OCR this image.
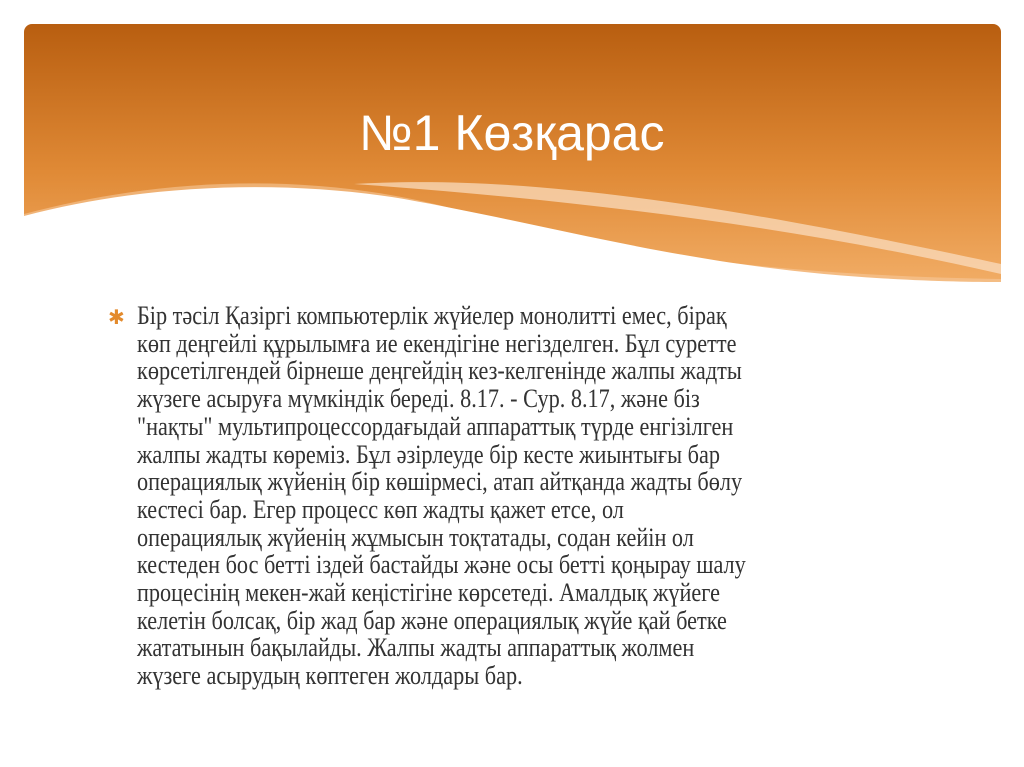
№1 Көзқарас
✱ Бір тәсіл Қазіргі компьютерлік жүйелер монолитті емес, бірақ
көп деңгейлі құрылымға ие екендігіне негізделген. Бұл суретте
көрсетілгендей бірнеше деңгейдің кез-келгенінде жалпы жадты
жүзеге асыруға мүмкіндік береді. 8.17. - Сур. 8.17, және біз
"нақты" мультипроцессордағыдай аппараттық түрде енгізілген
жалпы жадты көреміз. Бұл әзірлеуде бір кесте жиынтығы бар
операциялық жүйенің бір көшірмесі, атап айтқанда жадты бөлу
кестесі бар. Егер процесс көп жадты қажет етсе, ол
операциялық жүйенің жұмысын тоқтатады, содан кейін ол
кестеден бос бетті іздей бастайды және осы бетті қоңырау шалу
процесінің мекен-жай кеңістігіне көрсетеді. Амалдық жүйеге
келетін болсақ, бір жад бар және операциялық жүйе қай бетке
жататынын бақылайды. Жалпы жадты аппараттық жолмен
жүзеге асырудың көптеген жолдары бар.
